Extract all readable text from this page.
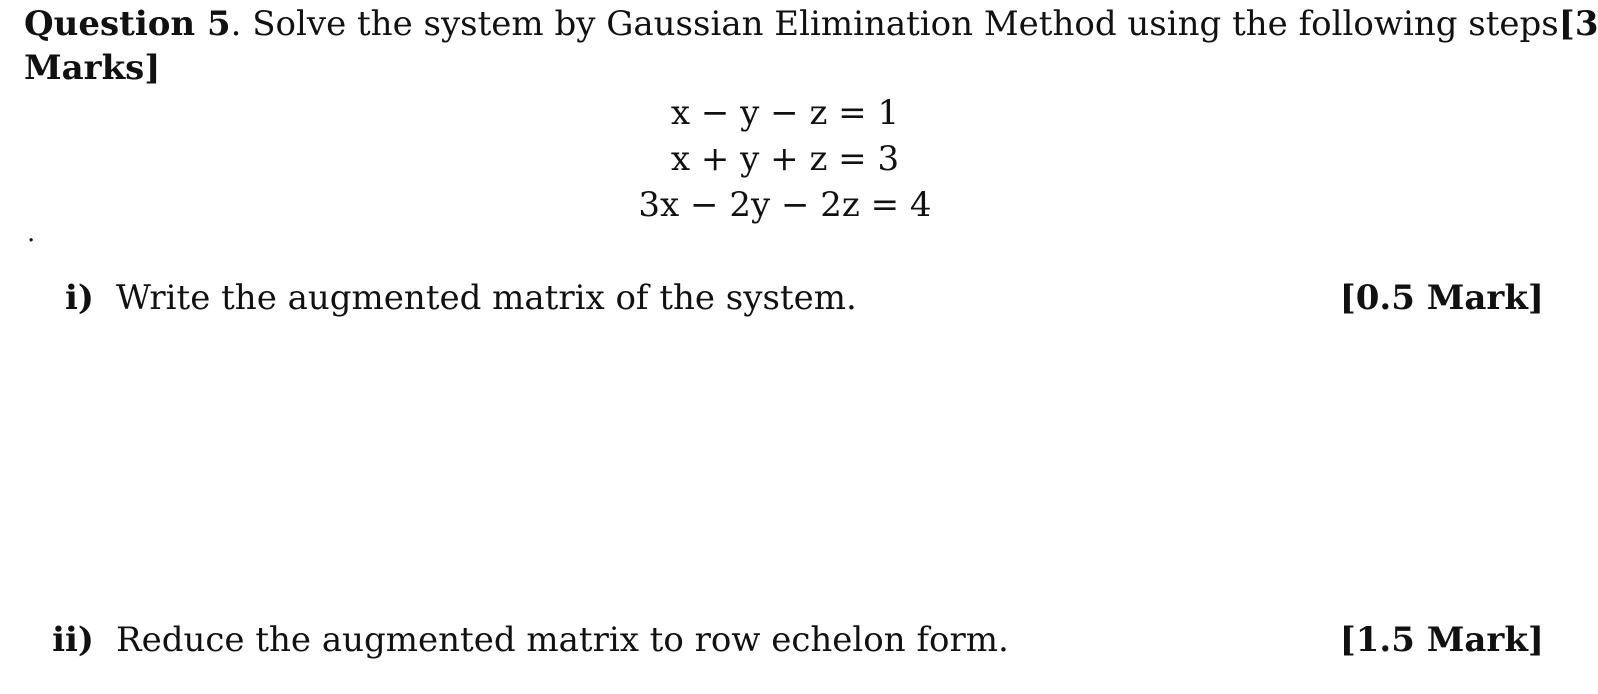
Question 5. Solve the system by Gaussian Elimination Method using the following steps [3
Marks]
x − y − z = 1
x + y + z = 3
3x − 2y − 2z = 4
.
i) Write the augmented matrix of the system.	[0.5 Mark]
ii) Reduce the augmented matrix to row echelon form.	[1.5 Mark]
